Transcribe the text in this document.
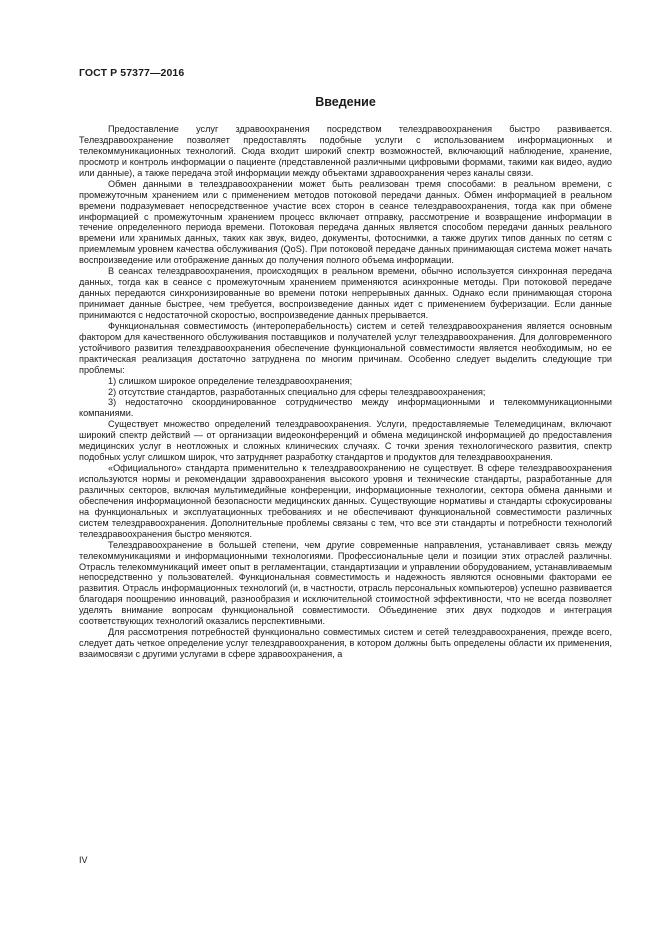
ГОСТ Р 57377—2016
Введение

Предоставление услуг здравоохранения посредством телездравоохранения быстро развивается. Телездравоохранение позволяет предоставлять подобные услуги с использованием информационных и телекоммуникационных технологий. Сюда входит широкий спектр возможностей, включающий наблюдение, хранение, просмотр и контроль информации о пациенте (представленной различными цифровыми формами, такими как видео, аудио или данные), а также передача этой информации между объектами здравоохранения через каналы связи.

Обмен данными в телездравоохранении может быть реализован тремя способами: в реальном времени, с промежуточным хранением или с применением методов потоковой передачи данных. Обмен информацией в реальном времени подразумевает непосредственное участие всех сторон в сеансе телездравоохранения, тогда как при обмене информацией с промежуточным хранением процесс включает отправку, рассмотрение и возвращение информации в течение определенного периода времени. Потоковая передача данных является способом передачи данных реального времени или хранимых данных, таких как звук, видео, документы, фотоснимки, а также других типов данных по сетям с приемлемым уровнем качества обслуживания (QoS). При потоковой передаче данных принимающая система может начать воспроизведение или отображение данных до получения полного объема информации.

В сеансах телездравоохранения, происходящих в реальном времени, обычно используется синхронная передача данных, тогда как в сеансе с промежуточным хранением применяются асинхронные методы. При потоковой передаче данных передаются синхронизированные во времени потоки непрерывных данных. Однако если принимающая сторона принимает данные быстрее, чем требуется, воспроизведение данных идет с применением буферизации. Если данные принимаются с недостаточной скоростью, воспроизведение данных прерывается.

Функциональная совместимость (интероперабельность) систем и сетей телездравоохранения является основным фактором для качественного обслуживания поставщиков и получателей услуг телездравоохранения. Для долговременного устойчивого развития телездравоохранения обеспечение функциональной совместимости является необходимым, но ее практическая реализация достаточно затруднена по многим причинам. Особенно следует выделить следующие три проблемы:

1) слишком широкое определение телездравоохранения;

2) отсутствие стандартов, разработанных специально для сферы телездравоохранения;

3) недостаточно скоординированное сотрудничество между информационными и телекоммуникационными компаниями.

Существует множество определений телездравоохранения. Услуги, предоставляемые Телемедицинам, включают широкий спектр действий — от организации видеоконференций и обмена медицинской информацией до предоставления медицинских услуг в неотложных и сложных клинических случаях. С точки зрения технологического развития, спектр подобных услуг слишком широк, что затрудняет разработку стандартов и продуктов для телездравоохранения.

«Официального» стандарта применительно к телездравоохранению не существует. В сфере телездравоохранения используются нормы и рекомендации здравоохранения высокого уровня и технические стандарты, разработанные для различных секторов, включая мультимедийные конференции, информационные технологии, сектора обмена данными и обеспечения информационной безопасности медицинских данных. Существующие нормативы и стандарты сфокусированы на функциональных и эксплуатационных требованиях и не обеспечивают функциональной совместимости различных систем телездравоохранения. Дополнительные проблемы связаны с тем, что все эти стандарты и потребности технологий телездравоохранения быстро меняются.

Телездравоохранение в большей степени, чем другие современные направления, устанавливает связь между телекоммуникациями и информационными технологиями. Профессиональные цели и позиции этих отраслей различны. Отрасль телекоммуникаций имеет опыт в регламентации, стандартизации и управлении оборудованием, устанавливаемым непосредственно у пользователей. Функциональная совместимость и надежность являются основными факторами ее развития. Отрасль информационных технологий (и, в частности, отрасль персональных компьютеров) успешно развивается благодаря поощрению инноваций, разнообразия и исключительной стоимостной эффективности, что не всегда позволяет уделять внимание вопросам функциональной совместимости. Объединение этих двух подходов и интеграция соответствующих технологий оказались перспективными.

Для рассмотрения потребностей функционально совместимых систем и сетей телездравоохранения, прежде всего, следует дать четкое определение услуг телездравоохранения, в котором должны быть определены области их применения, взаимосвязи с другими услугами в сфере здравоохранения, а

IV
